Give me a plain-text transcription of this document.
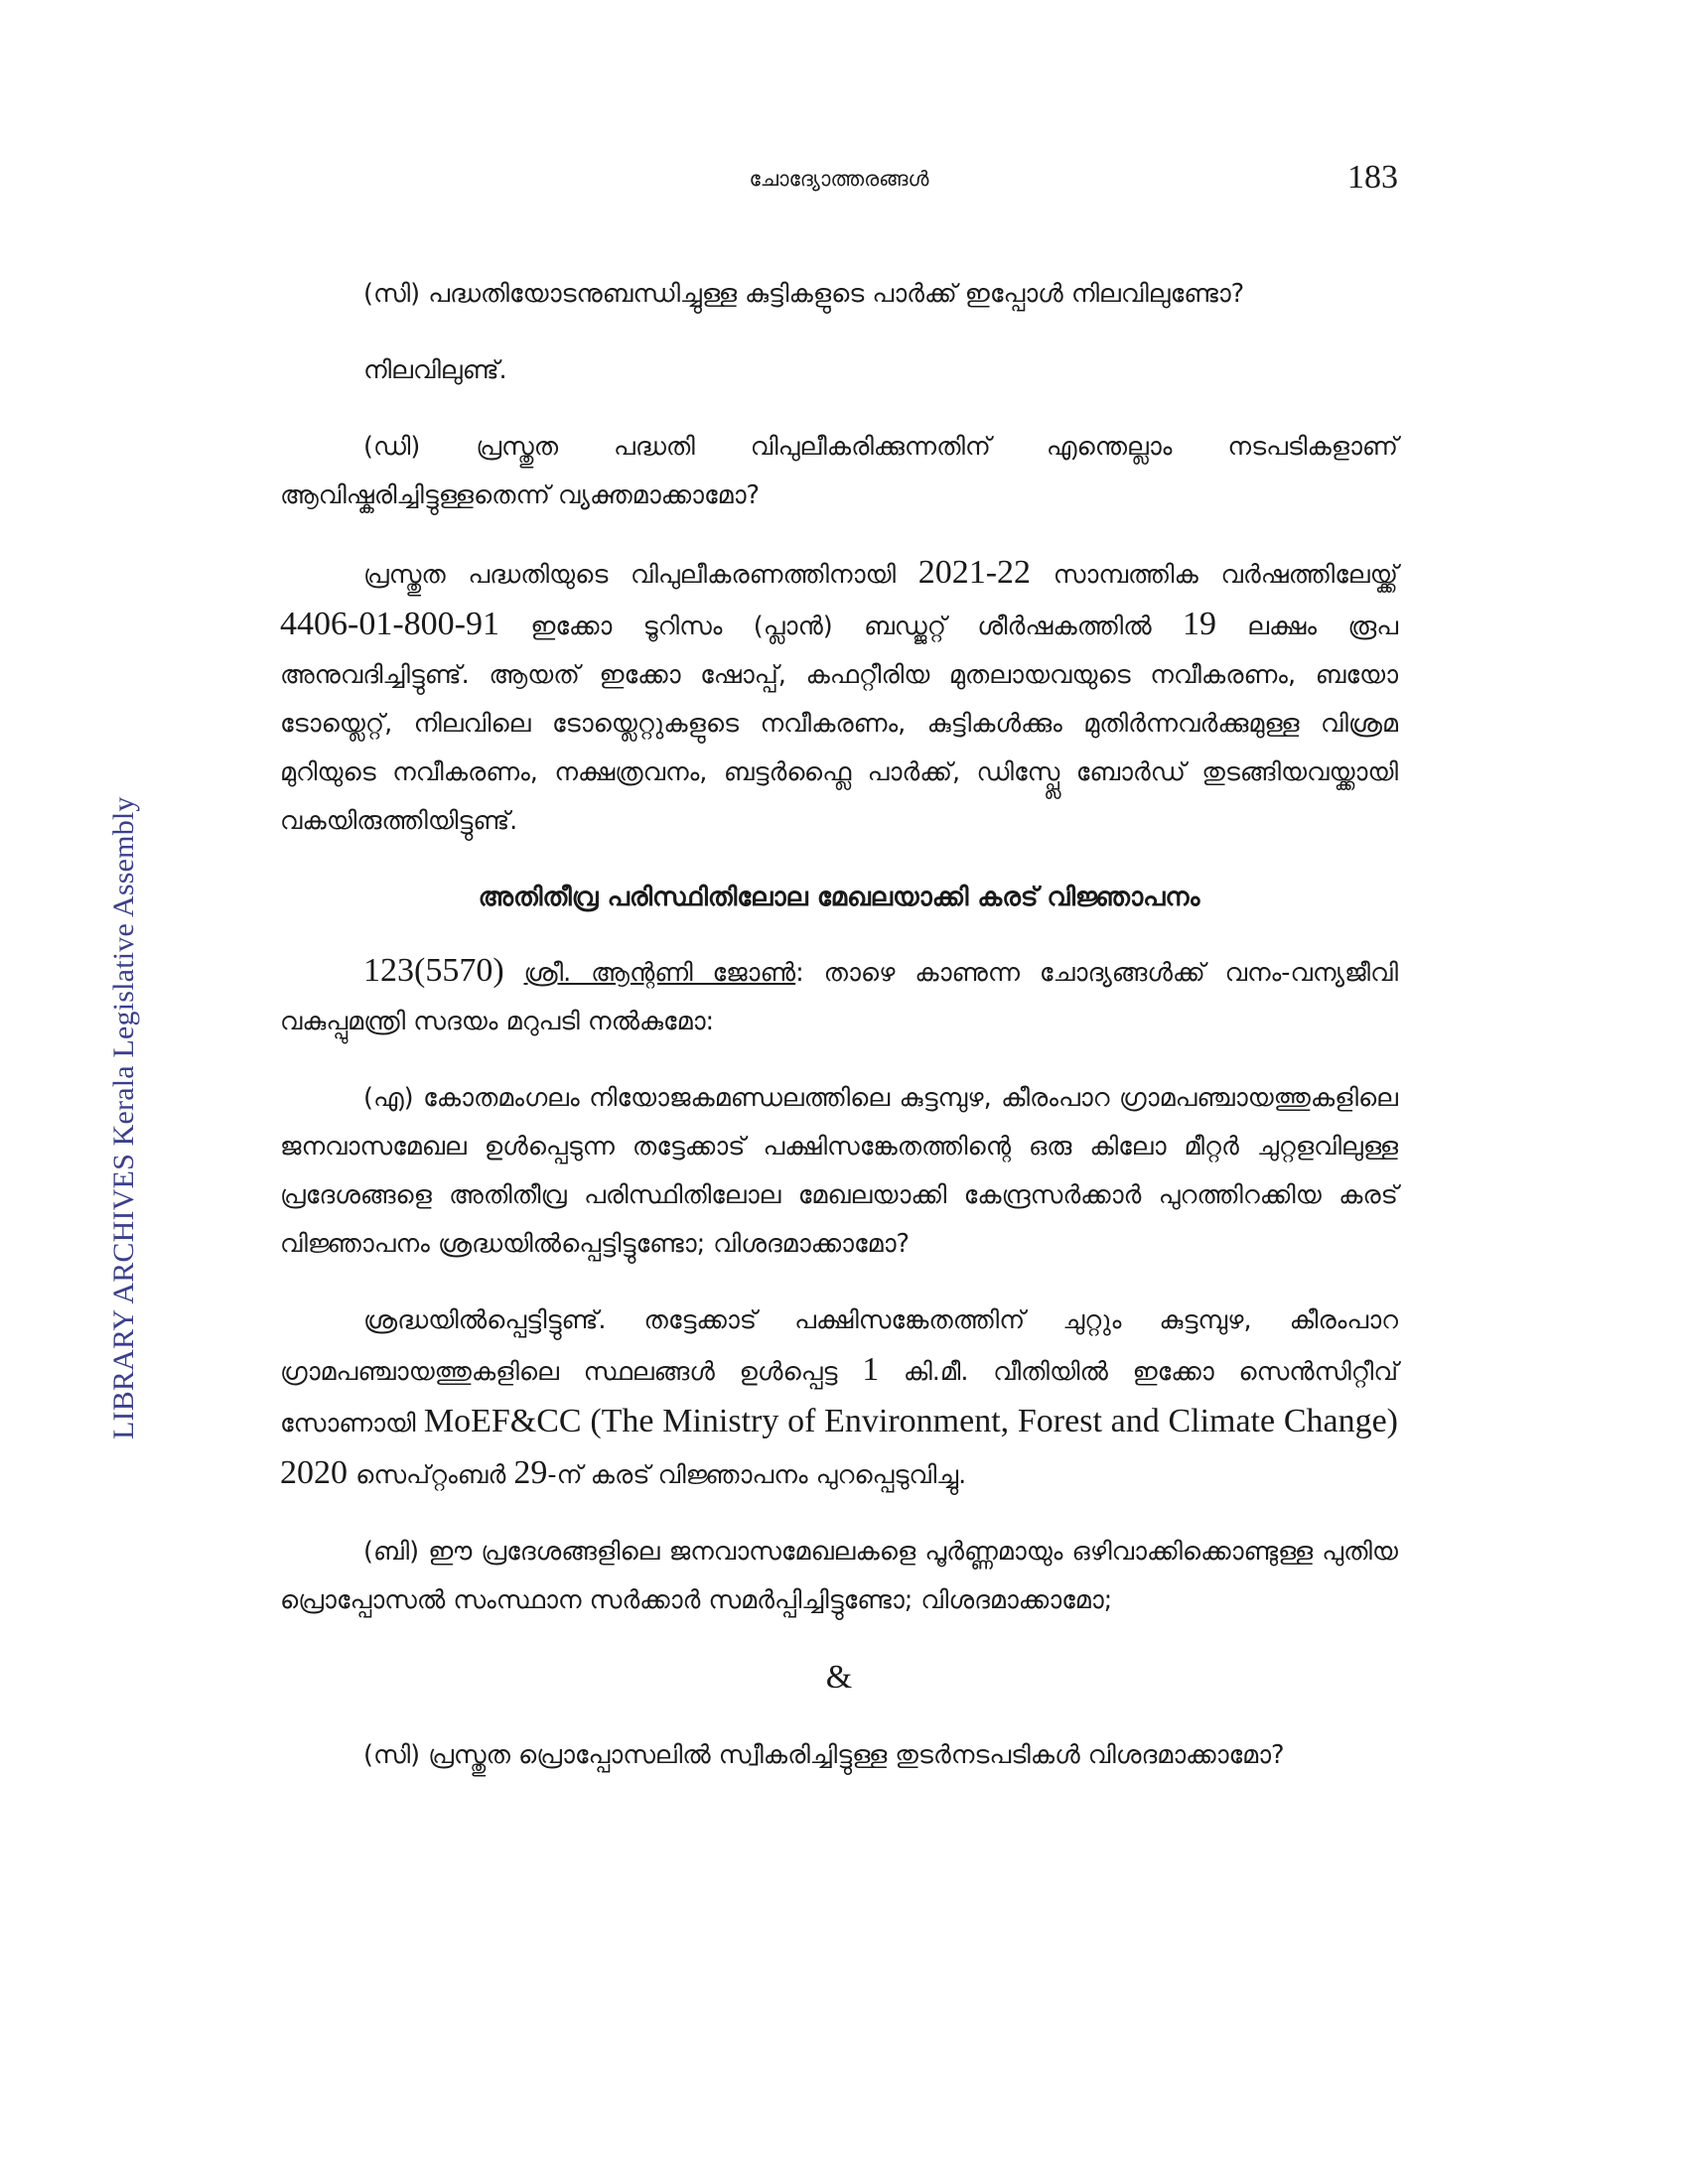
ചോദ്യോത്തരങ്ങൾ	183
LIBRARY ARCHIVES Kerala Legislative Assembly

(സി) പദ്ധതിയോടനുബന്ധിച്ചുള്ള കുട്ടികളുടെ പാർക്ക് ഇപ്പോൾ നിലവിലുണ്ടോ?

നിലവിലുണ്ട്.

(ഡി) പ്രസ്തുത പദ്ധതി വിപുലീകരിക്കുന്നതിന് എന്തെല്ലാം നടപടികളാണ് ആവിഷ്കരിച്ചിട്ടുള്ളതെന്ന് വ്യക്തമാക്കാമോ?

പ്രസ്തുത പദ്ധതിയുടെ വിപുലീകരണത്തിനായി 2021-22 സാമ്പത്തിക വർഷത്തിലേയ്ക്ക് 4406-01-800-91 ഇക്കോ ടൂറിസം (പ്ലാൻ) ബഡ്ജറ്റ് ശീർഷകത്തിൽ 19 ലക്ഷം രൂപ അനുവദിച്ചിട്ടുണ്ട്. ആയത് ഇക്കോ ഷോപ്പ്, കഫറ്റീരിയ മുതലായവയുടെ നവീകരണം, ബയോ ടോയ്ലെറ്റ്, നിലവിലെ ടോയ്ലെറ്റുകളുടെ നവീകരണം, കുട്ടികൾക്കും മുതിർന്നവർക്കുമുള്ള വിശ്രമ മുറിയുടെ നവീകരണം, നക്ഷത്രവനം, ബട്ടർഫ്ലൈ പാർക്ക്, ഡിസ്പ്ലേ ബോർഡ് തുടങ്ങിയവയ്ക്കായി വകയിരുത്തിയിട്ടുണ്ട്.

അതിതീവ്ര പരിസ്ഥിതിലോല മേഖലയാക്കി കരട് വിജ്ഞാപനം

123(5570) ശ്രീ. ആന്റണി ജോൺ: താഴെ കാണുന്ന ചോദ്യങ്ങൾക്ക് വനം-വന്യജീവി വകുപ്പുമന്ത്രി സദയം മറുപടി നൽകുമോ:

(എ) കോതമംഗലം നിയോജകമണ്ഡലത്തിലെ കുട്ടമ്പുഴ, കീരംപാറ ഗ്രാമപഞ്ചായത്തുകളിലെ ജനവാസമേഖല ഉൾപ്പെടുന്ന തട്ടേക്കാട് പക്ഷിസങ്കേതത്തിന്റെ ഒരു കിലോ മീറ്റർ ചുറ്റളവിലുള്ള പ്രദേശങ്ങളെ അതിതീവ്ര പരിസ്ഥിതിലോല മേഖലയാക്കി കേന്ദ്രസർക്കാർ പുറത്തിറക്കിയ കരട് വിജ്ഞാപനം ശ്രദ്ധയിൽപ്പെട്ടിട്ടുണ്ടോ; വിശദമാക്കാമോ?

ശ്രദ്ധയിൽപ്പെട്ടിട്ടുണ്ട്. തട്ടേക്കാട് പക്ഷിസങ്കേതത്തിന് ചുറ്റും കുട്ടമ്പുഴ, കീരംപാറ ഗ്രാമപഞ്ചായത്തുകളിലെ സ്ഥലങ്ങൾ ഉൾപ്പെട്ട 1 കി.മീ. വീതിയിൽ ഇക്കോ സെൻസിറ്റീവ് സോണായി MoEF&CC (The Ministry of Environment, Forest and Climate Change) 2020 സെപ്റ്റംബർ 29-ന് കരട് വിജ്ഞാപനം പുറപ്പെടുവിച്ചു.

(ബി) ഈ പ്രദേശങ്ങളിലെ ജനവാസമേഖലകളെ പൂർണ്ണമായും ഒഴിവാക്കിക്കൊണ്ടുള്ള പുതിയ പ്രൊപ്പോസൽ സംസ്ഥാന സർക്കാർ സമർപ്പിച്ചിട്ടുണ്ടോ; വിശദമാക്കാമോ;

&

(സി) പ്രസ്തുത പ്രൊപ്പോസലിൽ സ്വീകരിച്ചിട്ടുള്ള തുടർനടപടികൾ വിശദമാക്കാമോ?
